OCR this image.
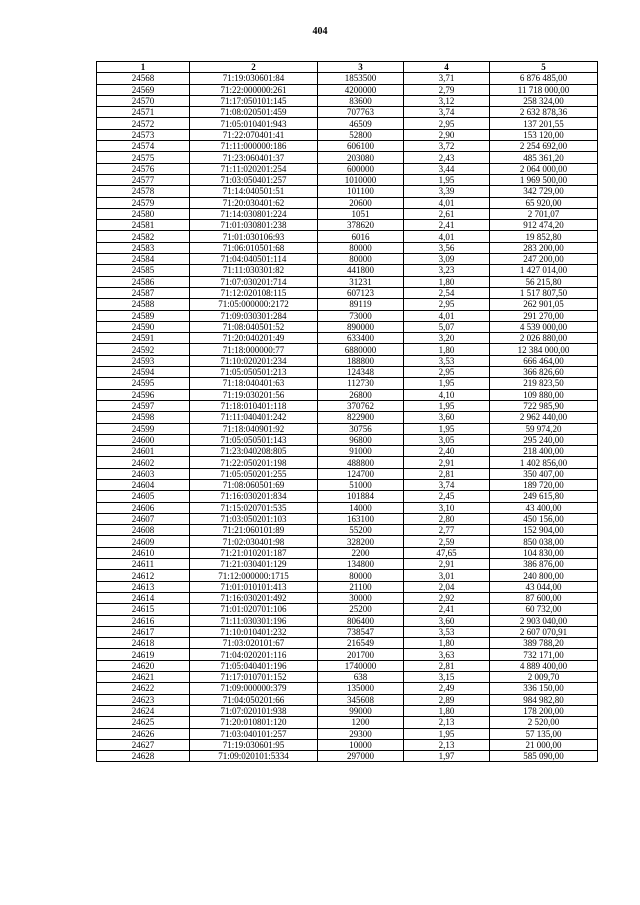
404
1	2	3	4	5
24568	71:19:030601:84	1853500	3,71	6 876 485,00
24569	71:22:000000:261	4200000	2,79	11 718 000,00
24570	71:17:050101:145	83600	3,12	258 324,00
24571	71:08:020501:459	707763	3,74	2 632 878,36
24572	71:05:010401:943	46509	2,95	137 201,55
24573	71:22:070401:41	52800	2,90	153 120,00
24574	71:11:000000:186	606100	3,72	2 254 692,00
24575	71:23:060401:37	203080	2,43	485 361,20
24576	71:11:020201:254	600000	3,44	2 064 000,00
24577	71:03:050401:257	1010000	1,95	1 969 500,00
24578	71:14:040501:51	101100	3,39	342 729,00
24579	71:20:030401:62	20600	4,01	65 920,00
24580	71:14:030801:224	1051	2,61	2 701,07
24581	71:01:030801:238	378620	2,41	912 474,20
24582	71:01:030106:93	6016	4,01	19 852,80
24583	71:06:010501:68	80000	3,56	283 200,00
24584	71:04:040501:114	80000	3,09	247 200,00
24585	71:11:030301:82	441800	3,23	1 427 014,00
24586	71:07:030201:714	31231	1,80	56 215,80
24587	71:12:020108:115	607123	2,54	1 517 807,50
24588	71:05:000000:2172	89119	2,95	262 901,05
24589	71:09:030301:284	73000	4,01	291 270,00
24590	71:08:040501:52	890000	5,07	4 539 000,00
24591	71:20:040201:49	633400	3,20	2 026 880,00
24592	71:18:000000:77	6880000	1,80	12 384 000,00
24593	71:10:020201:234	188800	3,53	666 464,00
24594	71:05:050501:213	124348	2,95	366 826,60
24595	71:18:040401:63	112730	1,95	219 823,50
24596	71:19:030201:56	26800	4,10	109 880,00
24597	71:18:010401:118	370762	1,95	722 985,90
24598	71:11:040401:242	822900	3,60	2 962 440,00
24599	71:18:040901:92	30756	1,95	59 974,20
24600	71:05:050501:143	96800	3,05	295 240,00
24601	71:23:040208:805	91000	2,40	218 400,00
24602	71:22:050201:198	488800	2,91	1 402 856,00
24603	71:05:050201:255	124700	2,81	350 407,00
24604	71:08:060501:69	51000	3,74	189 720,00
24605	71:16:030201:834	101884	2,45	249 615,80
24606	71:15:020701:535	14000	3,10	43 400,00
24607	71:03:050201:103	163100	2,80	450 156,00
24608	71:21:060101:89	55200	2,77	152 904,00
24609	71:02:030401:98	328200	2,59	850 038,00
24610	71:21:010201:187	2200	47,65	104 830,00
24611	71:21:030401:129	134800	2,91	386 876,00
24612	71:12:000000:1715	80000	3,01	240 800,00
24613	71:01:010101:413	21100	2,04	43 044,00
24614	71:16:030201:492	30000	2,92	87 600,00
24615	71:01:020701:106	25200	2,41	60 732,00
24616	71:11:030301:196	806400	3,60	2 903 040,00
24617	71:10:010401:232	738547	3,53	2 607 070,91
24618	71:03:020101:67	216549	1,80	389 788,20
24619	71:04:020201:116	201700	3,63	732 171,00
24620	71:05:040401:196	1740000	2,81	4 889 400,00
24621	71:17:010701:152	638	3,15	2 009,70
24622	71:09:000000:379	135000	2,49	336 150,00
24623	71:04:050201:66	345608	2,89	984 982,80
24624	71:07:020101:938	99000	1,80	178 200,00
24625	71:20:010801:120	1200	2,13	2 520,00
24626	71:03:040101:257	29300	1,95	57 135,00
24627	71:19:030601:95	10000	2,13	21 000,00
24628	71:09:020101:5334	297000	1,97	585 090,00
